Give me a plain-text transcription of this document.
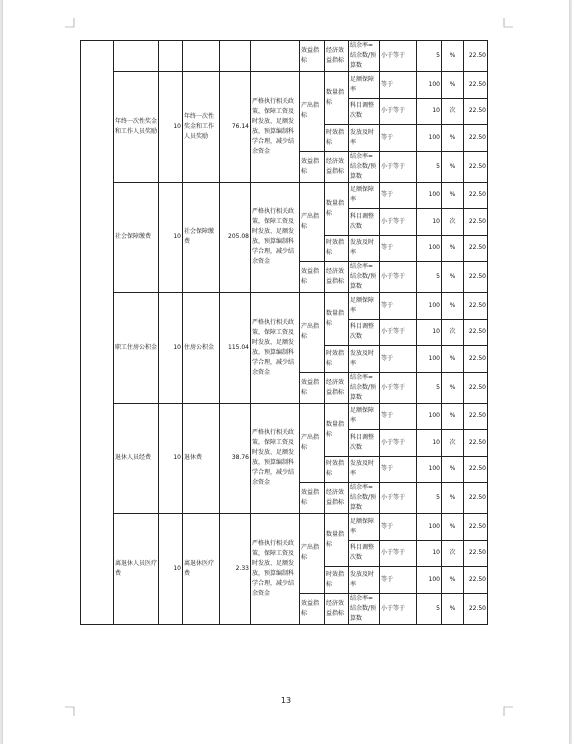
						效益指标	经济效益指标	结余率=结余数/预算数	小于等于	5	%	22.50
	年终一次性奖金和工作人员奖励	10	年终一次性奖金和工作人员奖励	76.14	严格执行相关政策，保障工资及时发放、足额发放，预算编制科学合理，减少结余资金	产出指标	数量指标	足额保障率	等于	100	%	22.50
								科目调整次数	小于等于	10	次	22.50
							时效指标	发放及时率	等于	100	%	22.50
						效益指标	经济效益指标	结余率=结余数/预算数	小于等于	5	%	22.50
	社会保障缴费	10	社会保障缴费	205.08	严格执行相关政策，保障工资及时发放、足额发放，预算编制科学合理，减少结余资金	产出指标	数量指标	足额保障率	等于	100	%	22.50
								科目调整次数	小于等于	10	次	22.50
							时效指标	发放及时率	等于	100	%	22.50
						效益指标	经济效益指标	结余率=结余数/预算数	小于等于	5	%	22.50
	职工住房公积金	10	住房公积金	115.04	严格执行相关政策，保障工资及时发放、足额发放，预算编制科学合理，减少结余资金	产出指标	数量指标	足额保障率	等于	100	%	22.50
								科目调整次数	小于等于	10	次	22.50
							时效指标	发放及时率	等于	100	%	22.50
						效益指标	经济效益指标	结余率=结余数/预算数	小于等于	5	%	22.50
	退休人员经费	10	退休费	38.76	严格执行相关政策，保障工资及时发放、足额发放，预算编制科学合理，减少结余资金	产出指标	数量指标	足额保障率	等于	100	%	22.50
								科目调整次数	小于等于	10	次	22.50
							时效指标	发放及时率	等于	100	%	22.50
						效益指标	经济效益指标	结余率=结余数/预算数	小于等于	5	%	22.50
	离退休人员医疗费	10	离退休医疗费	2.33	严格执行相关政策，保障工资及时发放、足额发放，预算编制科学合理，减少结余资金	产出指标	数量指标	足额保障率	等于	100	%	22.50
								科目调整次数	小于等于	10	次	22.50
							时效指标	发放及时率	等于	100	%	22.50
						效益指标	经济效益指标	结余率=结余数/预算数	小于等于	5	%	22.50
13
